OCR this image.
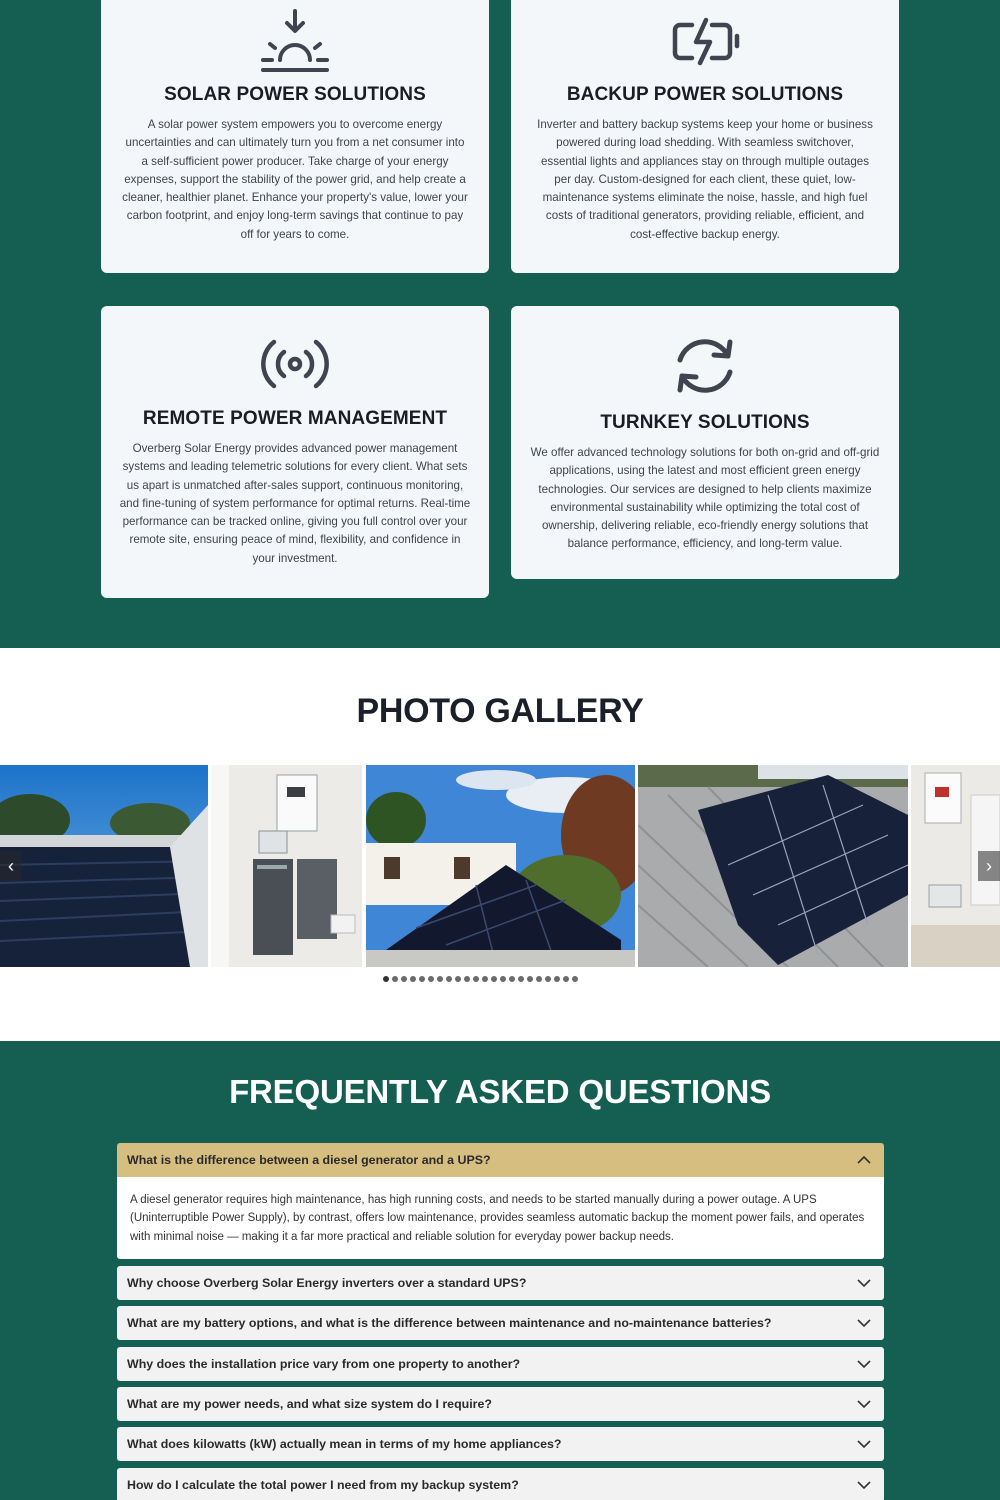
SOLAR POWER SOLUTIONS

A solar power system empowers you to overcome energy uncertainties and can ultimately turn you from a net consumer into a self-sufficient power producer. Take charge of your energy expenses, support the stability of the power grid, and help create a cleaner, healthier planet. Enhance your property's value, lower your carbon footprint, and enjoy long-term savings that continue to pay off for years to come.

BACKUP POWER SOLUTIONS

Inverter and battery backup systems keep your home or business powered during load shedding. With seamless switchover, essential lights and appliances stay on through multiple outages per day. Custom-designed for each client, these quiet, low-maintenance systems eliminate the noise, hassle, and high fuel costs of traditional generators, providing reliable, efficient, and cost-effective backup energy.

REMOTE POWER MANAGEMENT

Overberg Solar Energy provides advanced power management systems and leading telemetric solutions for every client. What sets us apart is unmatched after-sales support, continuous monitoring, and fine-tuning of system performance for optimal returns. Real-time performance can be tracked online, giving you full control over your remote site, ensuring peace of mind, flexibility, and confidence in your investment.

TURNKEY SOLUTIONS

We offer advanced technology solutions for both on-grid and off-grid applications, using the latest and most efficient green energy technologies. Our services are designed to help clients maximize environmental sustainability while optimizing the total cost of ownership, delivering reliable, eco-friendly energy solutions that balance performance, efficiency, and long-term value.

PHOTO GALLERY
‹	›
FREQUENTLY ASKED QUESTIONS
What is the difference between a diesel generator and a UPS?
A diesel generator requires high maintenance, has high running costs, and needs to be started manually during a power outage. A UPS (Uninterruptible Power Supply), by contrast, offers low maintenance, provides seamless automatic backup the moment power fails, and operates with minimal noise — making it a far more practical and reliable solution for everyday power backup needs.
Why choose Overberg Solar Energy inverters over a standard UPS?
What are my battery options, and what is the difference between maintenance and no-maintenance batteries?
Why does the installation price vary from one property to another?
What are my power needs, and what size system do I require?
What does kilowatts (kW) actually mean in terms of my home appliances?
How do I calculate the total power I need from my backup system?
